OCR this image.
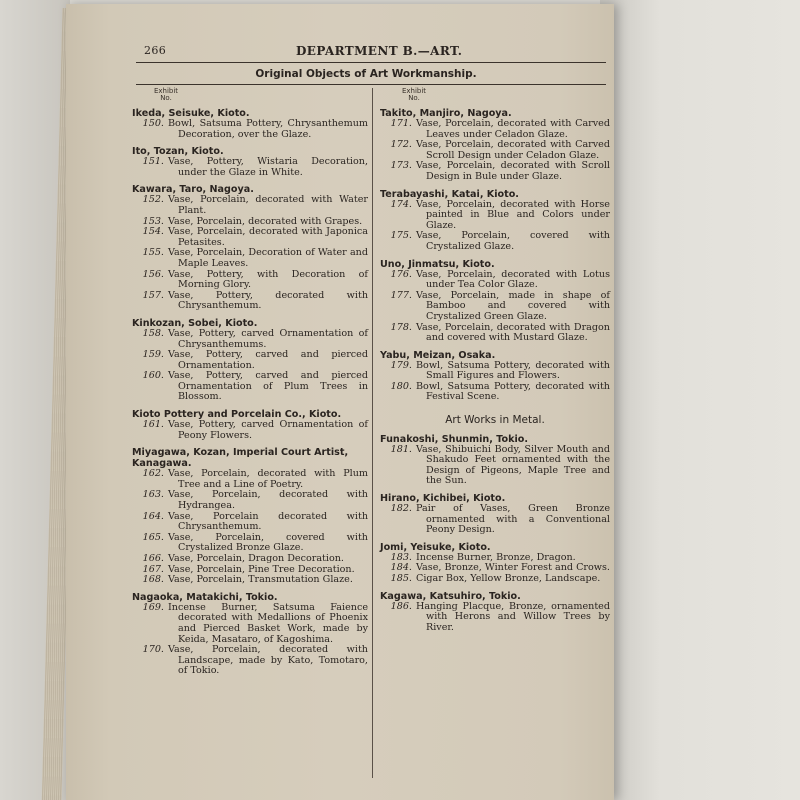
266	DEPARTMENT B.—ART.
Original Objects of Art Workmanship.
Exhibit No.
Ikeda, Seisuke, Kioto.
150. Bowl, Satsuma Pottery, Chrysanthemum Decoration, over the Glaze.
Ito, Tozan, Kioto.
151. Vase, Pottery, Wistaria Decoration, under the Glaze in White.
Kawara, Taro, Nagoya.
152. Vase, Porcelain, decorated with Water Plant.
153. Vase, Porcelain, decorated with Grapes.
154. Vase, Porcelain, decorated with Japonica Petasites.
155. Vase, Porcelain, Decoration of Water and Maple Leaves.
156. Vase, Pottery, with Decoration of Morning Glory.
157. Vase, Pottery, decorated with Chrysanthemum.
Kinkozan, Sobei, Kioto.
158. Vase, Pottery, carved Ornamentation of Chrysanthemums.
159. Vase, Pottery, carved and pierced Ornamentation.
160. Vase, Pottery, carved and pierced Ornamentation of Plum Trees in Blossom.
Kioto Pottery and Porcelain Co., Kioto.
161. Vase, Pottery, carved Ornamentation of Peony Flowers.
Miyagawa, Kozan, Imperial Court Artist, Kanagawa.
162. Vase, Porcelain, decorated with Plum Tree and a Line of Poetry.
163. Vase, Porcelain, decorated with Hydrangea.
164. Vase, Porcelain decorated with Chrysanthemum.
165. Vase, Porcelain, covered with Crystalized Bronze Glaze.
166. Vase, Porcelain, Dragon Decoration.
167. Vase, Porcelain, Pine Tree Decoration.
168. Vase, Porcelain, Transmutation Glaze.
Nagaoka, Matakichi, Tokio.
169. Incense Burner, Satsuma Faience decorated with Medallions of Phoenix and Pierced Basket Work, made by Keida, Masataro, of Kagoshima.
170. Vase, Porcelain, decorated with Landscape, made by Kato, Tomotaro, of Tokio.
Exhibit No.
Takito, Manjiro, Nagoya.
171. Vase, Porcelain, decorated with Carved Leaves under Celadon Glaze.
172. Vase, Porcelain, decorated with Carved Scroll Design under Celadon Glaze.
173. Vase, Porcelain, decorated with Scroll Design in Bule under Glaze.
Terabayashi, Katai, Kioto.
174. Vase, Porcelain, decorated with Horse painted in Blue and Colors under Glaze.
175. Vase, Porcelain, covered with Crystalized Glaze.
Uno, Jinmatsu, Kioto.
176. Vase, Porcelain, decorated with Lotus under Tea Color Glaze.
177. Vase, Porcelain, made in shape of Bamboo and covered with Crystalized Green Glaze.
178. Vase, Porcelain, decorated with Dragon and covered with Mustard Glaze.
Yabu, Meizan, Osaka.
179. Bowl, Satsuma Pottery, decorated with Small Figures and Flowers.
180. Bowl, Satsuma Pottery, decorated with Festival Scene.
Art Works in Metal.
Funakoshi, Shunmin, Tokio.
181. Vase, Shibuichi Body, Silver Mouth and Shakudo Feet ornamented with the Design of Pigeons, Maple Tree and the Sun.
Hirano, Kichibei, Kioto.
182. Pair of Vases, Green Bronze ornamented with a Conventional Peony Design.
Jomi, Yeisuke, Kioto.
183. Incense Burner, Bronze, Dragon.
184. Vase, Bronze, Winter Forest and Crows.
185. Cigar Box, Yellow Bronze, Landscape.
Kagawa, Katsuhiro, Tokio.
186. Hanging Placque, Bronze, ornamented with Herons and Willow Trees by River.
